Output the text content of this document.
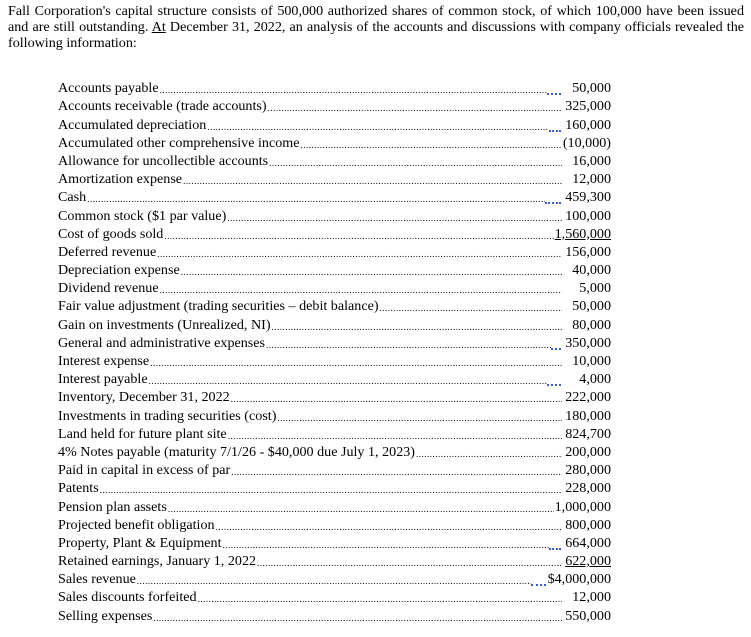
Fall Corporation's capital structure consists of 500,000 authorized shares of common stock, of which 100,000 have been issued and are still outstanding. At December 31, 2022, an analysis of the accounts and discussions with company officials revealed the following information:

Accounts payable .....	50,000
Accounts receivable (trade accounts) .....	325,000
Accumulated depreciation .....	160,000
Accumulated other comprehensive income .....	(10,000)
Allowance for uncollectible accounts .....	16,000
Amortization expense .....	12,000
Cash .....	459,300
Common stock ($1 par value) .....	100,000
Cost of goods sold .....	1,560,000
Deferred revenue .....	156,000
Depreciation expense .....	40,000
Dividend revenue .....	5,000
Fair value adjustment (trading securities – debit balance) .....	50,000
Gain on investments (Unrealized, NI) .....	80,000
General and administrative expenses .....	350,000
Interest expense .....	10,000
Interest payable .....	4,000
Inventory, December 31, 2022 .....	222,000
Investments in trading securities (cost) .....	180,000
Land held for future plant site .....	824,700
4% Notes payable (maturity 7/1/26 - $40,000 due July 1, 2023) .....	200,000
Paid in capital in excess of par .....	280,000
Patents .....	228,000
Pension plan assets .....	1,000,000
Projected benefit obligation .....	800,000
Property, Plant & Equipment .....	664,000
Retained earnings, January 1, 2022 .....	622,000
Sales revenue .....	$4,000,000
Sales discounts forfeited .....	12,000
Selling expenses .....	550,000
